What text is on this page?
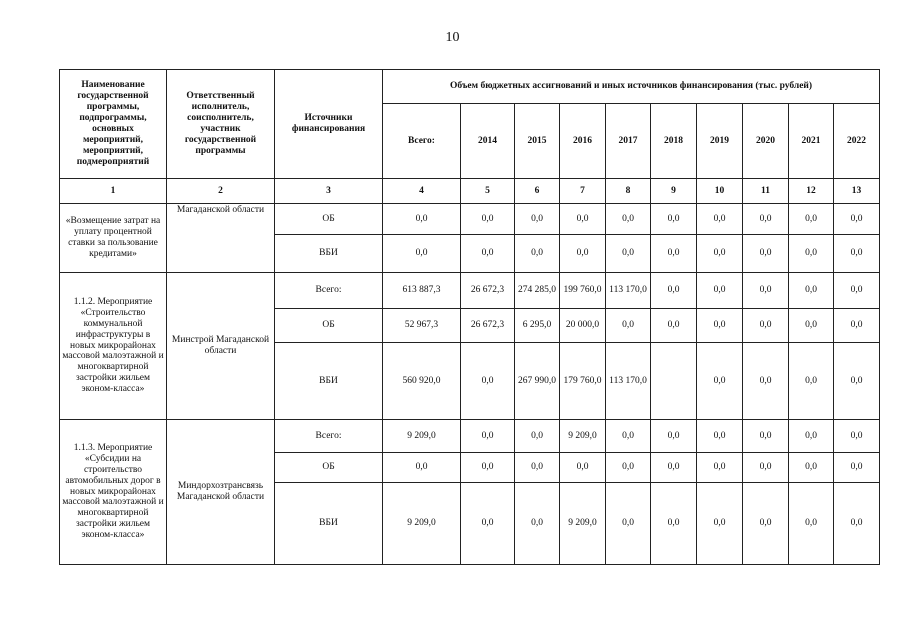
10
Наименование государственной программы, подпрограммы, основных мероприятий, мероприятий, подмероприятий	Ответственный исполнитель, соисполнитель, участник государственной программы	Источники финансирования	Объем бюджетных ассигнований и иных источников финансирования (тыс. рублей)									
			Всего:	2014	2015	2016	2017	2018	2019	2020	2021	2022
1	2	3	4	5	6	7	8	9	10	11	12	13
«Возмещение затрат на уплату процентной ставки за пользование кредитами»	Магаданской области	ОБ	0,0	0,0	0,0	0,0	0,0	0,0	0,0	0,0	0,0	0,0
		ВБИ	0,0	0,0	0,0	0,0	0,0	0,0	0,0	0,0	0,0	0,0
1.1.2. Мероприятие «Строительство коммунальной инфраструктуры в новых микрорайонах массовой малоэтажной и многоквартирной застройки жильем эконом-класса»	Минстрой Магаданской области	Всего:	613 887,3	26 672,3	274 285,0	199 760,0	113 170,0	0,0	0,0	0,0	0,0	0,0
		ОБ	52 967,3	26 672,3	6 295,0	20 000,0	0,0	0,0	0,0	0,0	0,0	0,0
		ВБИ	560 920,0	0,0	267 990,0	179 760,0	113 170,0		0,0	0,0	0,0	0,0
1.1.3. Мероприятие «Субсидии на строительство автомобильных дорог в новых микрорайонах массовой малоэтажной и многоквартирной застройки жильем эконом-класса»	Миндорхозтрансвязь Магаданской области	Всего:	9 209,0	0,0	0,0	9 209,0	0,0	0,0	0,0	0,0	0,0	0,0
		ОБ	0,0	0,0	0,0	0,0	0,0	0,0	0,0	0,0	0,0	0,0
		ВБИ	9 209,0	0,0	0,0	9 209,0	0,0	0,0	0,0	0,0	0,0	0,0
